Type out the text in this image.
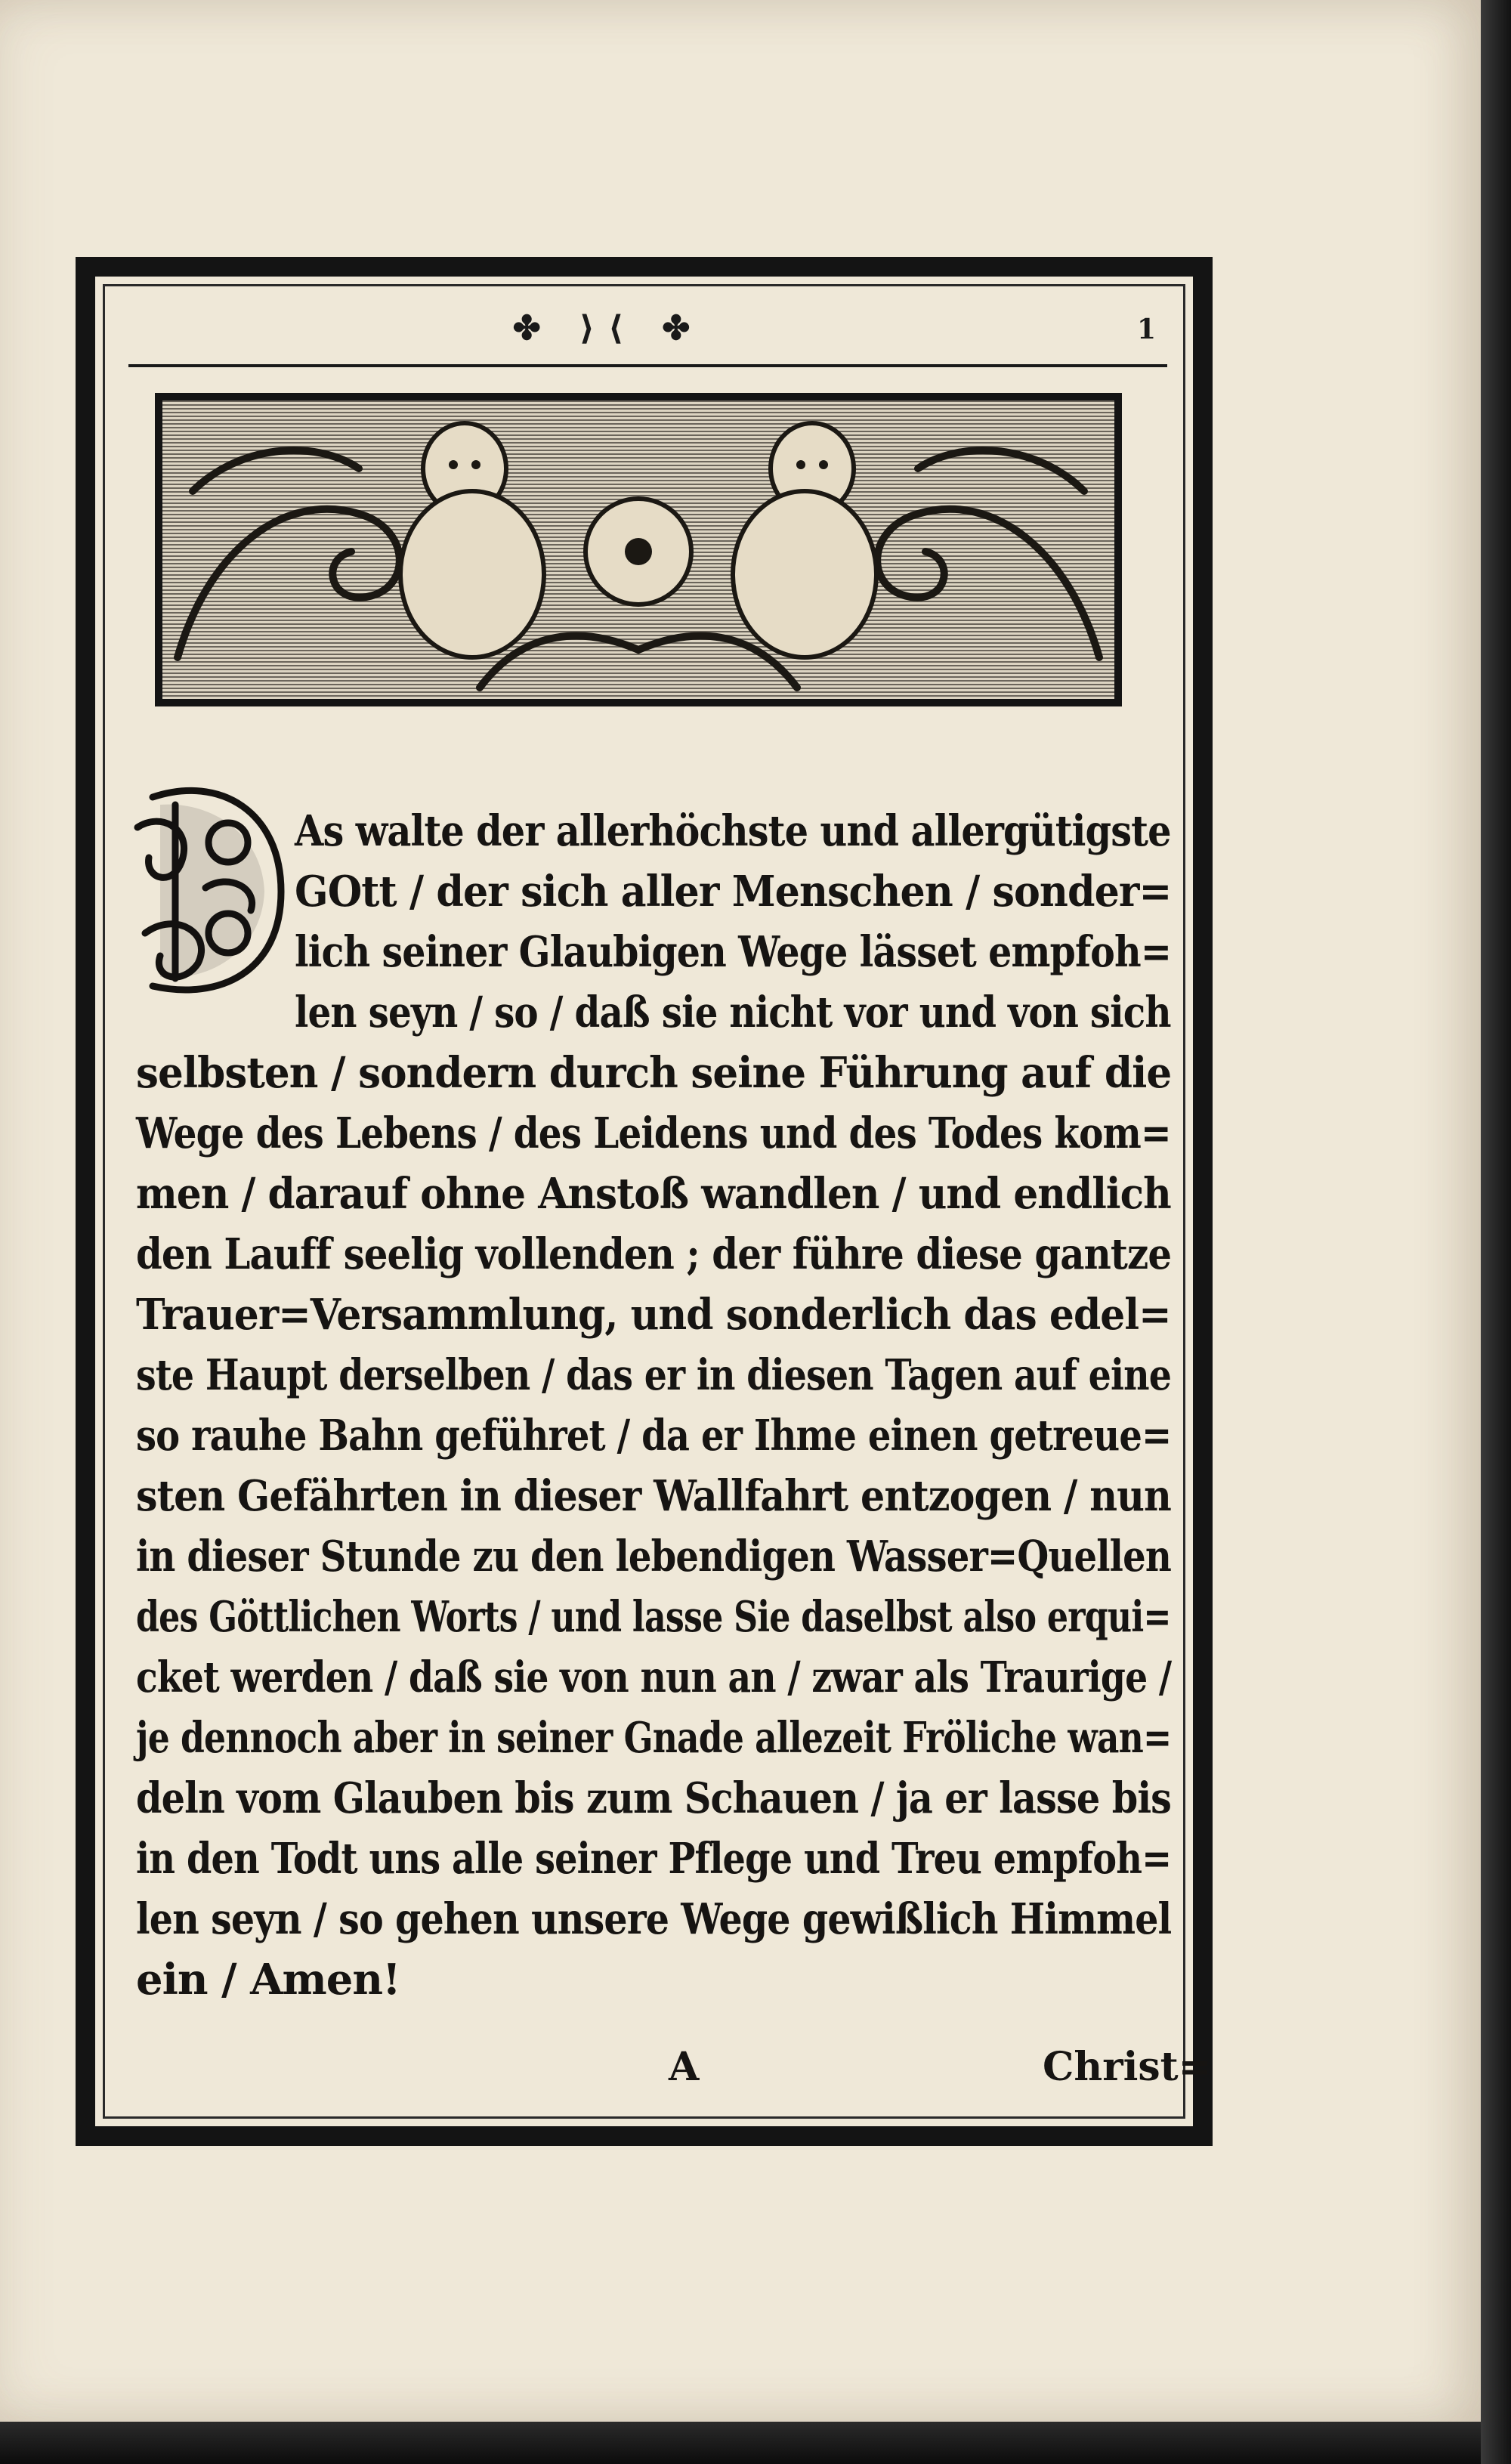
✤ ⟩⟨ ✤	1
As walte der allerhöchste und allergütigste
GOtt / der sich aller Menschen / sonder=
lich seiner Glaubigen Wege lässet empfoh=
len seyn / so / daß sie nicht vor und von sich
selbsten / sondern durch seine Führung auf die
Wege des Lebens / des Leidens und des Todes kom=
men / darauf ohne Anstoß wandlen / und endlich
den Lauff seelig vollenden ; der führe diese gantze
Trauer=Versammlung, und sonderlich das edel=
ste Haupt derselben / das er in diesen Tagen auf eine
so rauhe Bahn geführet / da er Ihme einen getreue=
sten Gefährten in dieser Wallfahrt entzogen / nun
in dieser Stunde zu den lebendigen Wasser=Quellen
des Göttlichen Worts / und lasse Sie daselbst also erqui=
cket werden / daß sie von nun an / zwar als Traurige /
je dennoch aber in seiner Gnade allezeit Fröliche wan=
deln vom Glauben bis zum Schauen / ja er lasse bis
in den Todt uns alle seiner Pflege und Treu empfoh=
len seyn / so gehen unsere Wege gewißlich Himmel
ein / Amen!
A	Christ=
